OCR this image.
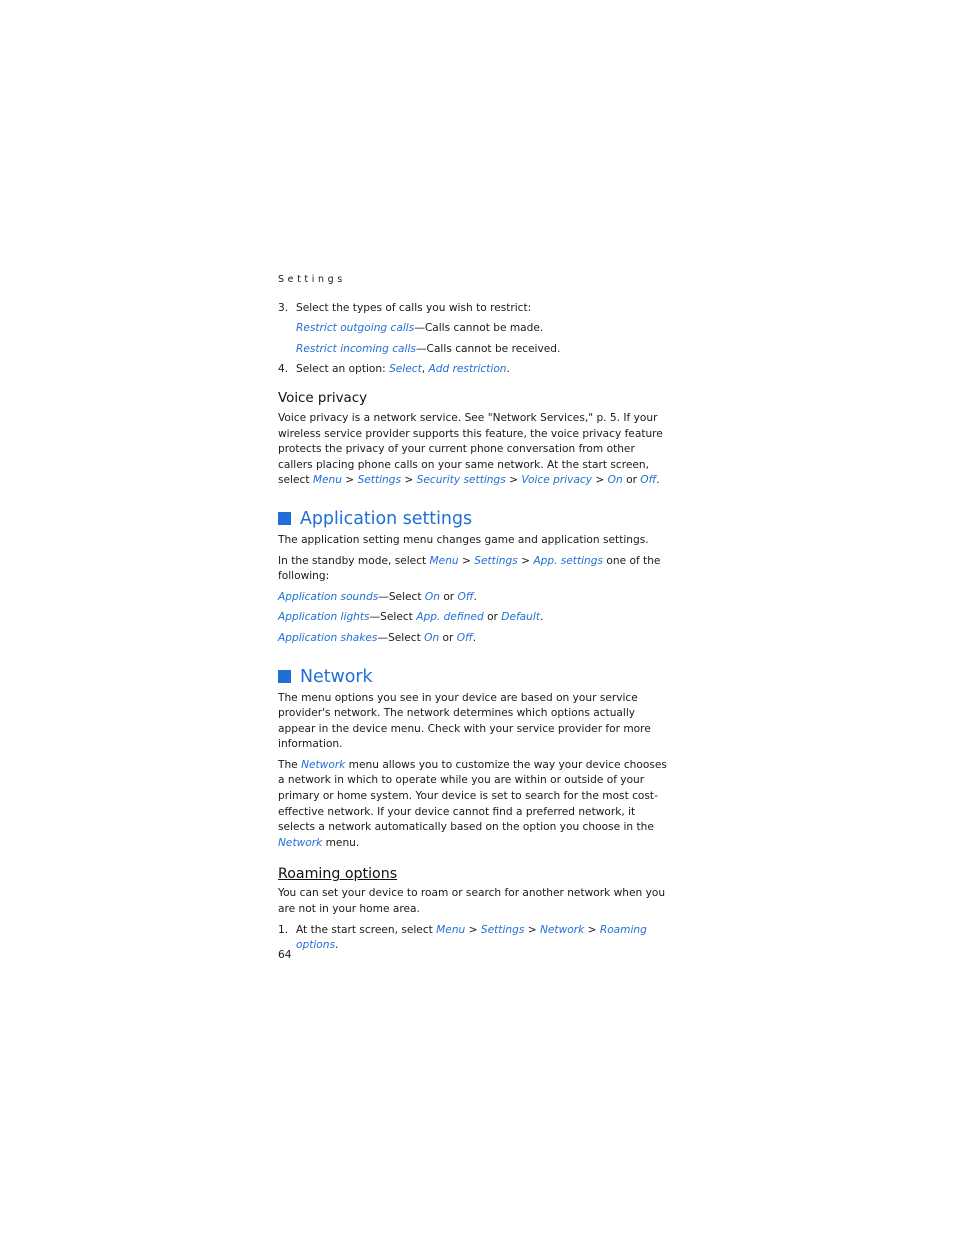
Settings
3. Select the types of calls you wish to restrict:

Restrict outgoing calls—Calls cannot be made.

Restrict incoming calls—Calls cannot be received.

4. Select an option: Select, Add restriction.
Voice privacy

Voice privacy is a network service. See "Network Services," p. 5. If your wireless service provider supports this feature, the voice privacy feature protects the privacy of your current phone conversation from other callers placing phone calls on your same network. At the start screen, select Menu > Settings > Security settings > Voice privacy > On or Off.

Application settings

The application setting menu changes game and application settings.

In the standby mode, select Menu > Settings > App. settings one of the following:

Application sounds—Select On or Off.

Application lights—Select App. defined or Default.

Application shakes—Select On or Off.

Network

The menu options you see in your device are based on your service provider's network. The network determines which options actually appear in the device menu. Check with your service provider for more information.

The Network menu allows you to customize the way your device chooses a network in which to operate while you are within or outside of your primary or home system. Your device is set to search for the most cost-effective network. If your device cannot find a preferred network, it selects a network automatically based on the option you choose in the Network menu.

Roaming options

You can set your device to roam or search for another network when you are not in your home area.

1. At the start screen, select Menu > Settings > Network > Roaming options.
64
